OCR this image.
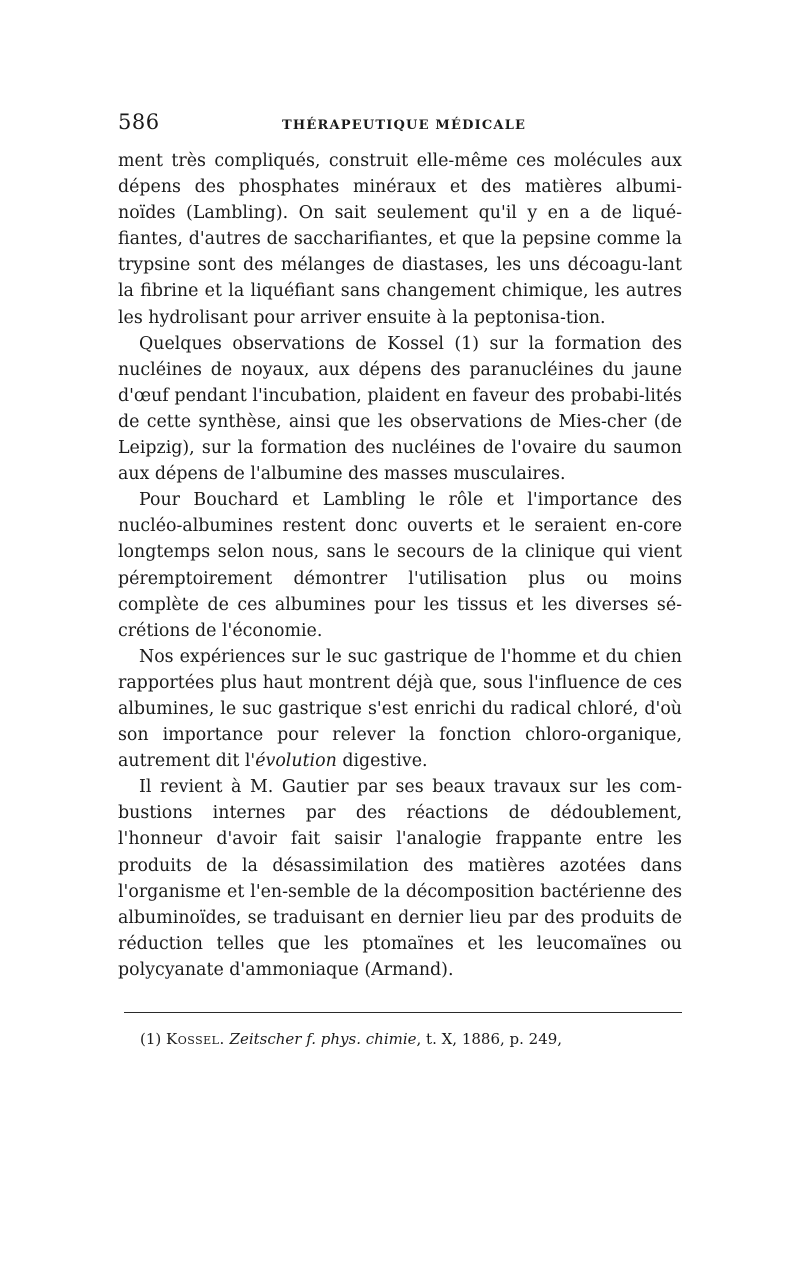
586	THÉRAPEUTIQUE MÉDICALE

ment très compliqués, construit elle-même ces molécules aux dépens des phosphates minéraux et des matières albumi-noïdes (Lambling). On sait seulement qu'il y en a de liqué-fiantes, d'autres de saccharifiantes, et que la pepsine comme la trypsine sont des mélanges de diastases, les uns décoagu-lant la fibrine et la liquéfiant sans changement chimique, les autres les hydrolisant pour arriver ensuite à la peptonisa-tion.

Quelques observations de Kossel (1) sur la formation des nucléines de noyaux, aux dépens des paranucléines du jaune d'œuf pendant l'incubation, plaident en faveur des probabi-lités de cette synthèse, ainsi que les observations de Mies-cher (de Leipzig), sur la formation des nucléines de l'ovaire du saumon aux dépens de l'albumine des masses musculaires.

Pour Bouchard et Lambling le rôle et l'importance des nucléo-albumines restent donc ouverts et le seraient en-core longtemps selon nous, sans le secours de la clinique qui vient péremptoirement démontrer l'utilisation plus ou moins complète de ces albumines pour les tissus et les diverses sé-crétions de l'économie.

Nos expériences sur le suc gastrique de l'homme et du chien rapportées plus haut montrent déjà que, sous l'influence de ces albumines, le suc gastrique s'est enrichi du radical chloré, d'où son importance pour relever la fonction chloro-organique, autrement dit l'évolution digestive.

Il revient à M. Gautier par ses beaux travaux sur les com-bustions internes par des réactions de dédoublement, l'honneur d'avoir fait saisir l'analogie frappante entre les produits de la désassimilation des matières azotées dans l'organisme et l'en-semble de la décomposition bactérienne des albuminoïdes, se traduisant en dernier lieu par des produits de réduction telles que les ptomaïnes et les leucomaïnes ou polycyanate d'ammoniaque (Armand).

(1) Kossel. Zeitscher f. phys. chimie, t. X, 1886, p. 249,
